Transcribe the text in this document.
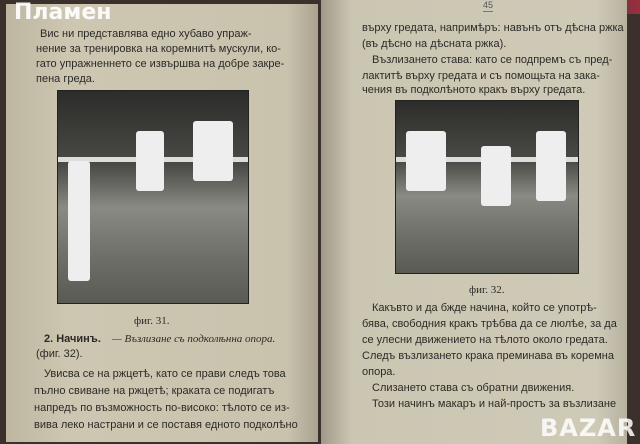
Вис ни представлява едно хубаво упраж-
нение за тренировка на коремнитѣ мускули, ко-
гато упражненнето се извършва на добре закре-
пена греда.
фиг. 31.
2. Начинъ. — Възлизане съ подколѣнна опора.
(фиг. 32).
Увисва се на ржцетѣ, като се прави следъ това
пълно свиване на ржцетѣ; краката се подигатъ
напредъ по възможность по-високо: тѣлото се из-
вива леко настрани и се поставя едното подколѣно
45
върху гредата, напримѣръ: навънъ отъ дѣсна ржка
(въ дѣсно на дѣсната ржка).
Възлизането става: като се подпремъ съ пред-
лактитѣ върху гредата и съ помощьта на зака-
чения въ подколѣното кракъ върху гредата.
фиг. 32.
Какъвто и да бжде начина, който се употрѣ-
бява, свободния кракъ трѣбва да се люлѣе, за да
се улесни движението на тѣлото около гредата.
Следъ възлизането крака преминава въ коремна
опора.
Слизането става съ обратни движения.
Този начинъ макаръ и най-простъ за възлизане
Пламен
BAZAR
